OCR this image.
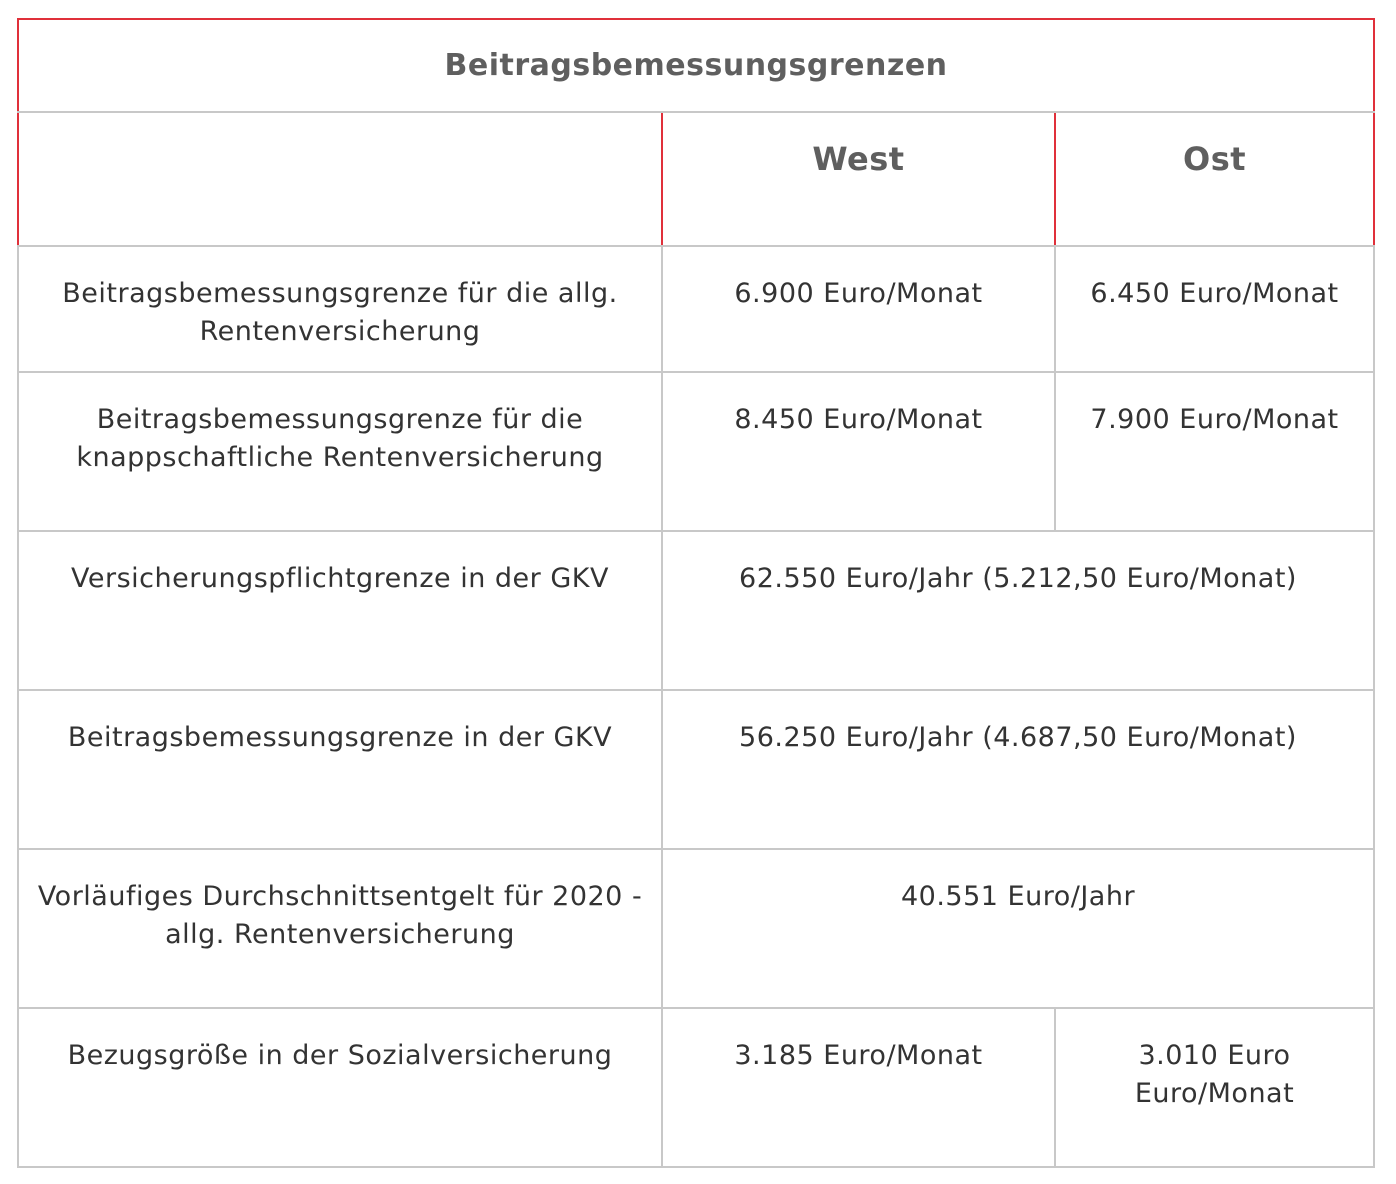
Beitragsbemessungsgrenzen		
	West	Ost
Beitragsbemessungsgrenze für die allg. Rentenversicherung	6.900 Euro/Monat	6.450 Euro/Monat
Beitragsbemessungsgrenze für die knappschaftliche Rentenversicherung	8.450 Euro/Monat	7.900 Euro/Monat
Versicherungspflichtgrenze in der GKV	62.550 Euro/Jahr (5.212,50 Euro/Monat)	
Beitragsbemessungsgrenze in der GKV	56.250 Euro/Jahr (4.687,50 Euro/Monat)	
Vorläufiges Durchschnittsentgelt für 2020 - allg. Rentenversicherung	40.551 Euro/Jahr	
Bezugsgröße in der Sozialversicherung	3.185 Euro/Monat	3.010 Euro Euro/Monat
